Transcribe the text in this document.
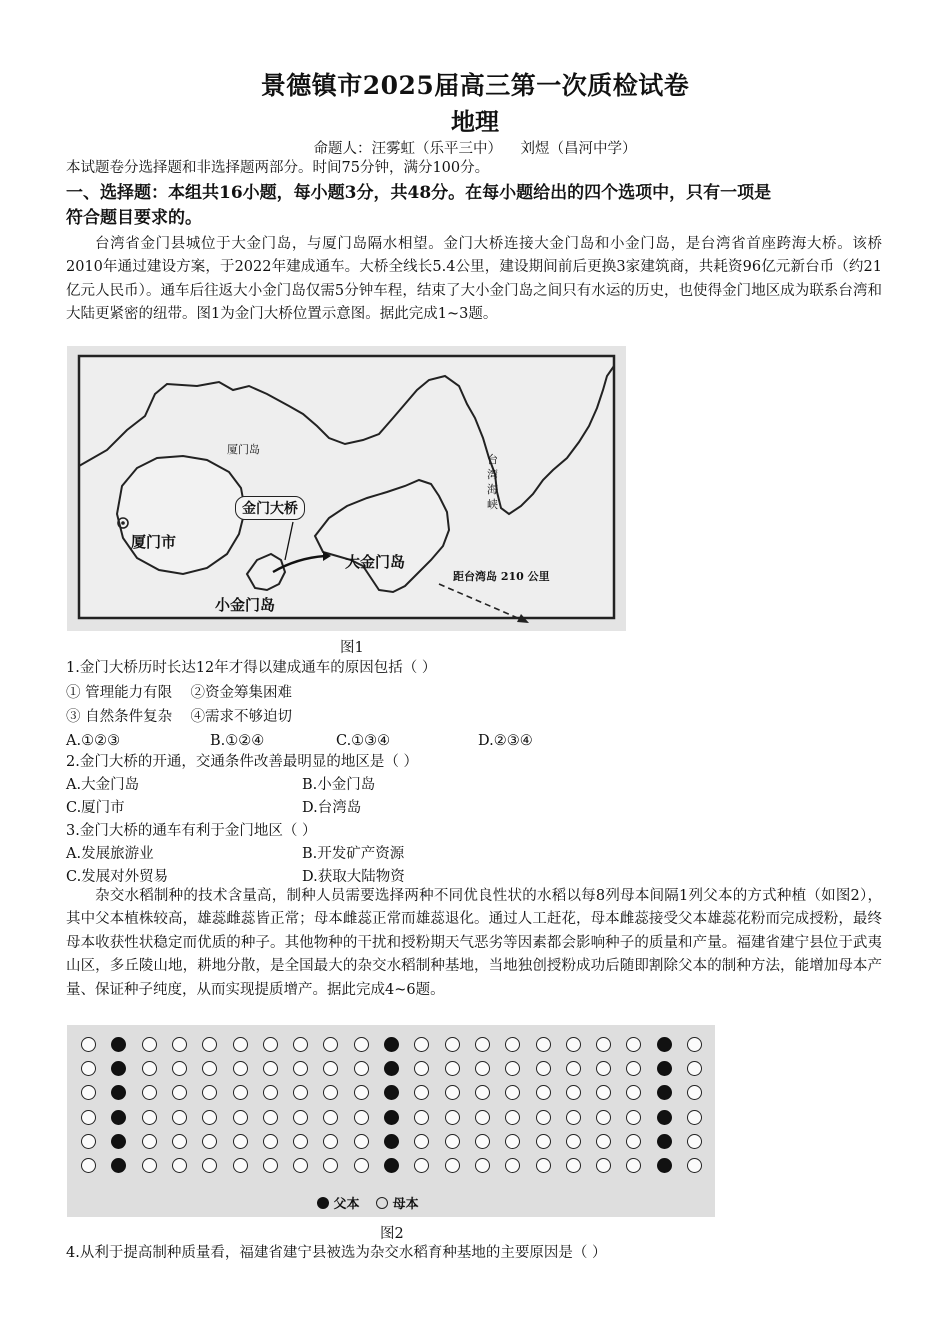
景德镇市2025届高三第一次质检试卷
地理
命题人：汪雾虹（乐平三中）    刘煜（昌河中学）
本试题卷分选择题和非选择题两部分。时间75分钟，满分100分。
一、选择题：本组共16小题，每小题3分，共48分。在每小题给出的四个选项中，只有一项是
符合题目要求的。
台湾省金门县城位于大金门岛，与厦门岛隔水相望。金门大桥连接大金门岛和小金门岛，是台湾省首座跨海大桥。该桥2010年通过建设方案，于2022年建成通车。大桥全线长5.4公里，建设期间前后更换3家建筑商，共耗资96亿元新台币（约21亿元人民币）。通车后往返大小金门岛仅需5分钟车程，结束了大小金门岛之间只有水运的历史，也使得金门地区成为联系台湾和大陆更紧密的纽带。图1为金门大桥位置示意图。据此完成1~3题。
厦门岛
厦门市
金门大桥
大金门岛
小金门岛
台
湾
海
峡
距台湾岛 210 公里
图1
1.金门大桥历时长达12年才得以建成通车的原因包括（ ）
① 管理能力有限    ②资金筹集困难
③ 自然条件复杂    ④需求不够迫切
A.①②③	B.①②④	C.①③④	D.②③④
2.金门大桥的开通，交通条件改善最明显的地区是（ ）
A.大金门岛	B.小金门岛
C.厦门市	D.台湾岛
3.金门大桥的通车有利于金门地区（ ）
A.发展旅游业	B.开发矿产资源
C.发展对外贸易	D.获取大陆物资
杂交水稻制种的技术含量高，制种人员需要选择两种不同优良性状的水稻以每8列母本间隔1列父本的方式种植（如图2），其中父本植株较高，雄蕊雌蕊皆正常；母本雌蕊正常而雄蕊退化。通过人工赶花，母本雌蕊接受父本雄蕊花粉而完成授粉，最终母本收获性状稳定而优质的种子。其他物种的干扰和授粉期天气恶劣等因素都会影响种子的质量和产量。福建省建宁县位于武夷山区，多丘陵山地，耕地分散，是全国最大的杂交水稻制种基地，当地独创授粉成功后随即割除父本的制种方法，能增加母本产量、保证种子纯度，从而实现提质增产。据此完成4~6题。
父本	母本
图2
4.从利于提高制种质量看，福建省建宁县被选为杂交水稻育种基地的主要原因是（ ）
